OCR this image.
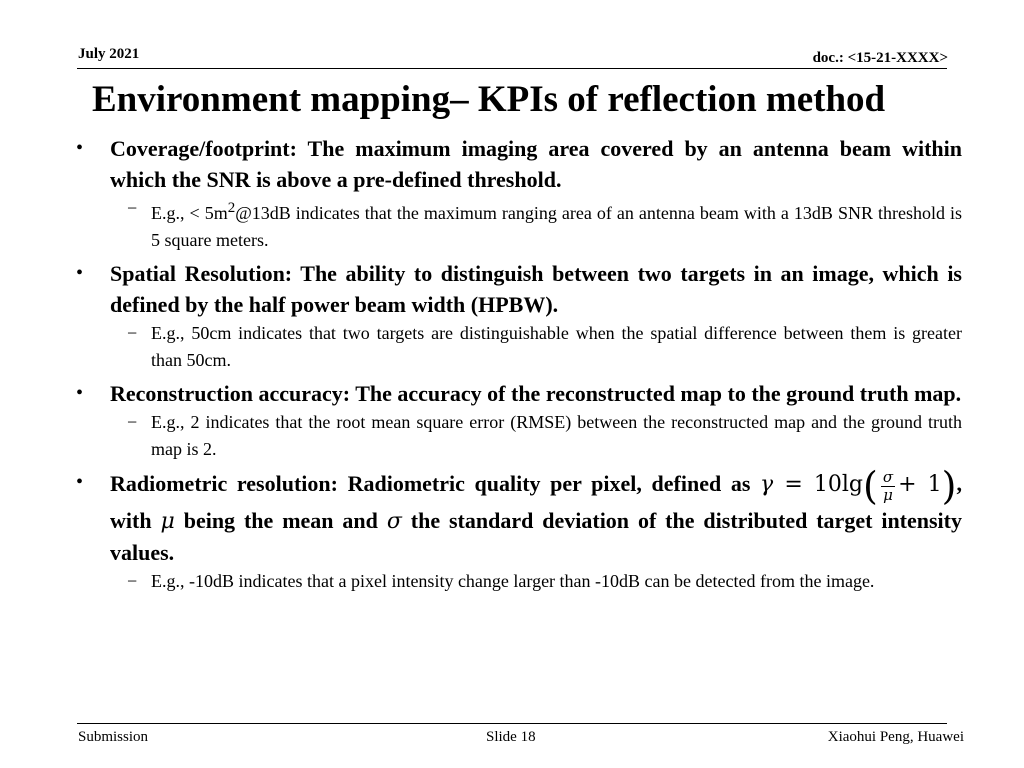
July 2021	doc.: <15-21-XXXX>
Environment mapping– KPIs of reflection method
• Coverage/footprint: The maximum imaging area covered by an antenna beam within which the SNR is above a pre-defined threshold.
− E.g., < $5m^2@13dB$ indicates that the maximum ranging area of an antenna beam with a 13dB SNR threshold is 5 square meters.
• Spatial Resolution: The ability to distinguish between two targets in an image, which is defined by the half power beam width (HPBW).
− E.g., 50cm indicates that two targets are distinguishable when the spatial difference between them is greater than 50cm.
• Reconstruction accuracy: The accuracy of the reconstructed map to the ground truth map.
− E.g., 2 indicates that the root mean square error (RMSE) between the reconstructed map and the ground truth map is 2.
• Radiometric resolution: Radiometric quality per pixel, defined as $\gamma = 10\lg( \frac{\sigma}{\mu} + 1)$, with μ being the mean and σ the standard deviation of the distributed target intensity values.
− E.g., -10dB indicates that a pixel intensity change larger than -10dB can be detected from the image.
Submission	Slide 18	Xiaohui Peng, Huawei
